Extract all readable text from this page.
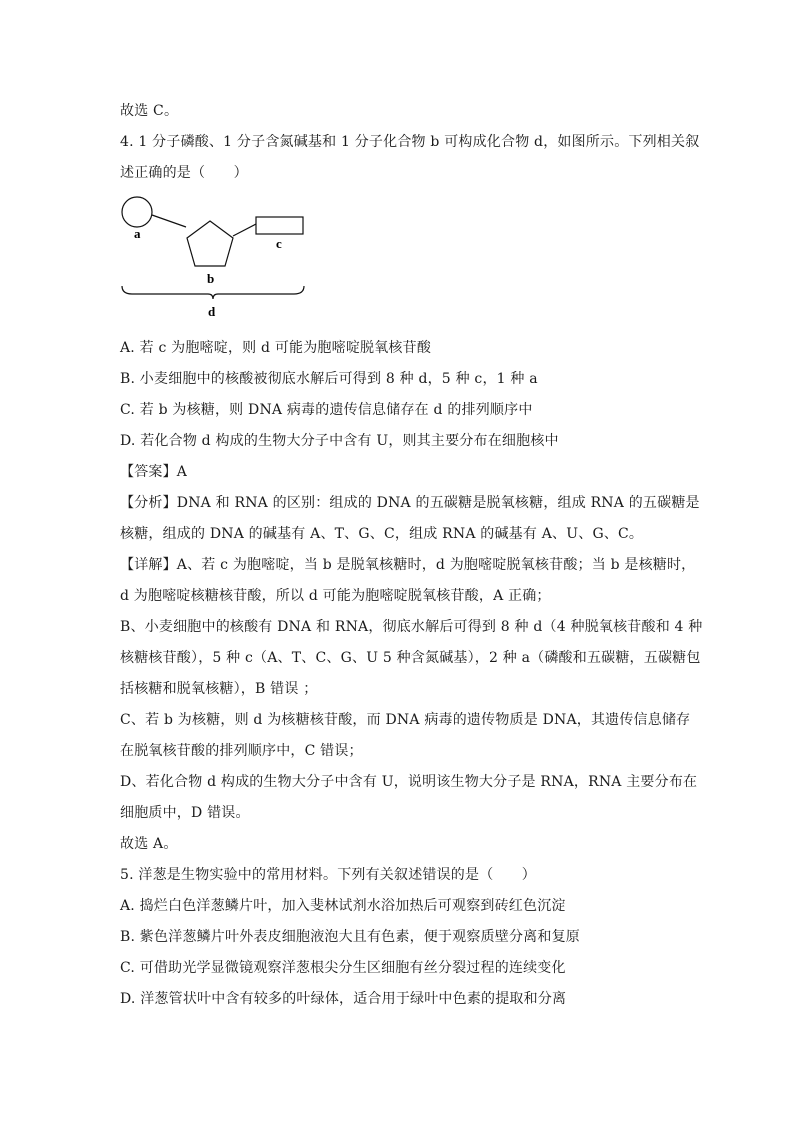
故选 C。
4. 1 分子磷酸、1 分子含氮碱基和 1 分子化合物 b 可构成化合物 d，如图所示。下列相关叙
述正确的是（　　）
a
c
b
d
A. 若 c 为胞嘧啶，则 d 可能为胞嘧啶脱氧核苷酸
B. 小麦细胞中的核酸被彻底水解后可得到 8 种 d，5 种 c，1 种 a
C. 若 b 为核糖，则 DNA 病毒的遗传信息储存在 d 的排列顺序中
D. 若化合物 d 构成的生物大分子中含有 U，则其主要分布在细胞核中
【答案】A
【分析】DNA 和 RNA 的区别：组成的 DNA 的五碳糖是脱氧核糖，组成 RNA 的五碳糖是
核糖，组成的 DNA 的碱基有 A、T、G、C，组成 RNA 的碱基有 A、U、G、C。
【详解】A、若 c 为胞嘧啶，当 b 是脱氧核糖时，d 为胞嘧啶脱氧核苷酸；当 b 是核糖时，
d 为胞嘧啶核糖核苷酸，所以 d 可能为胞嘧啶脱氧核苷酸，A 正确；
B、小麦细胞中的核酸有 DNA 和 RNA，彻底水解后可得到 8 种 d（4 种脱氧核苷酸和 4 种
核糖核苷酸），5 种 c（A、T、C、G、U 5 种含氮碱基），2 种 a（磷酸和五碳糖，五碳糖包
括核糖和脱氧核糖），B 错误 ；
C、若 b 为核糖，则 d 为核糖核苷酸，而 DNA 病毒的遗传物质是 DNA，其遗传信息储存
在脱氧核苷酸的排列顺序中，C 错误；
D、若化合物 d 构成的生物大分子中含有 U，说明该生物大分子是 RNA，RNA 主要分布在
细胞质中，D 错误。
故选 A。
5. 洋葱是生物实验中的常用材料。下列有关叙述错误的是（　　）
A. 捣烂白色洋葱鳞片叶，加入斐林试剂水浴加热后可观察到砖红色沉淀
B. 紫色洋葱鳞片叶外表皮细胞液泡大且有色素，便于观察质壁分离和复原
C. 可借助光学显微镜观察洋葱根尖分生区细胞有丝分裂过程的连续变化
D. 洋葱管状叶中含有较多的叶绿体，适合用于绿叶中色素的提取和分离
